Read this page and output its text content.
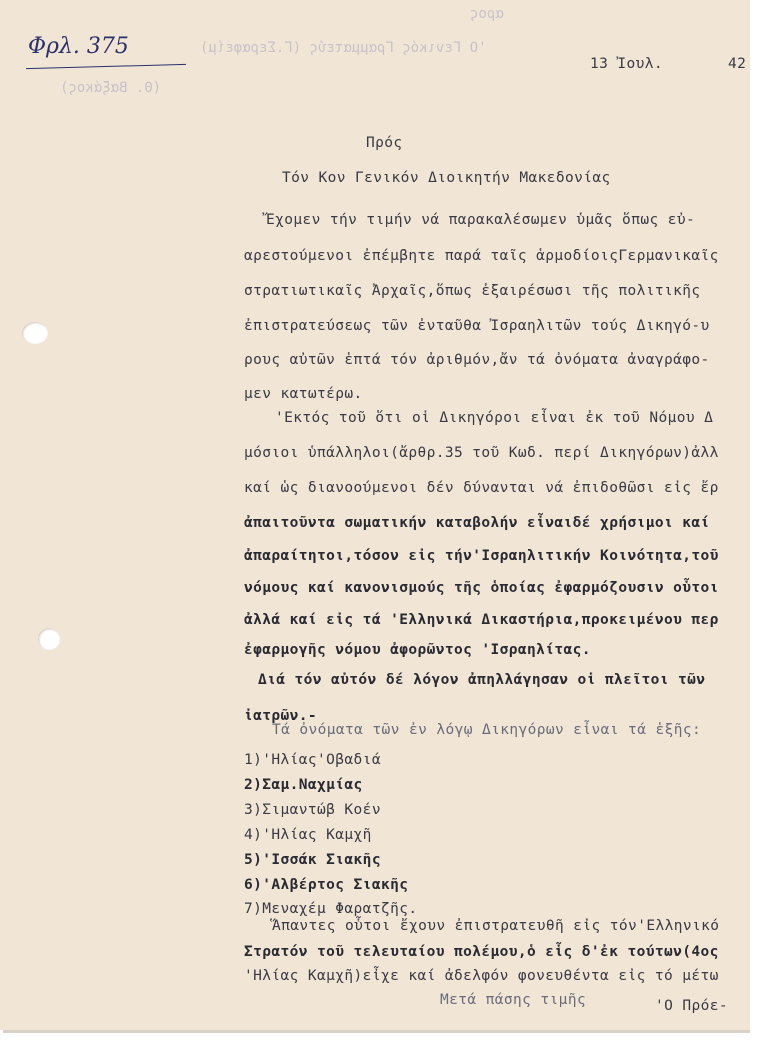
αρος
'Ο Γενικός Γραμματεύς (Γ.Σεραφείμ)
(Θ. Βαξάκος)
Φρλ. 375
13 Ἰουλ.	42
Πρός
Τόν Κον Γενικόν Διοικητήν Μακεδονίας
Ἔχομεν τήν τιμήν νά παρακαλέσωμεν ὑμᾶς ὅπως εὐ-
αρεστούμενοι ἐπέμβητε παρά ταῖς ἁρμοδίοιςΓερμανικαῖς
στρατιωτικαῖς Ἀρχαῖς,ὅπως ἐξαιρέσωσι τῆς πολιτικῆς
ἐπιστρατεύσεως τῶν ἐνταῦθα Ἰσραηλιτῶν τούς Δικηγό-υ
ρους αὐτῶν ἑπτά τόν ἀριθμόν,ἄν τά ὀνόματα ἀναγράφο-
μεν κατωτέρω.
'Εκτός τοῦ ὅτι οἱ Δικηγόροι εἶναι ἐκ τοῦ Νόμου Δ
μόσιοι ὑπάλληλοι(ἄρθρ.35 τοῦ Κωδ. περί Δικηγόρων)ἀλλ
καί ὡς διανοούμενοι δέν δύνανται νά ἐπιδοθῶσι εἰς ἔρ
ἀπαιτοῦντα σωματικήν καταβολήν εἶναιδέ χρήσιμοι καί
ἀπαραίτητοι,τόσον εἰς τήν'Ισραηλιτικήν Κοινότητα,τοῦ
νόμους καί κανονισμούς τῆς ὁποίας ἐφαρμόζουσιν οὗτοι
ἀλλά καί εἰς τά 'Ελληνικά Δικαστήρια,προκειμένου περ
ἐφαρμογῆς νόμου ἀφορῶντος 'Ισραηλίτας.
Διά τόν αὐτόν δέ λόγον ἀπηλλάγησαν οἱ πλεῖτοι τῶν
ἰατρῶν.-
Τά ὀνόματα τῶν ἐν λόγῳ Δικηγόρων εἶναι τά ἑξῆς:
1)'Ηλίας'Οβαδιά
2)Σαμ.Ναχμίας
3)Σιμαντώβ Κοέν
4)'Ηλίας Καμχῆ
5)'Ισσάκ Σιακῆς
6)'Αλβέρτος Σιακῆς
7)Μεναχέμ Φαρατζῆς.
Ἅπαντες οὗτοι ἔχουν ἐπιστρατευθῆ εἰς τόν'Ελληνικό
Στρατόν τοῦ τελευταίου πολέμου,ὁ εἷς δ'ἐκ τούτων(4ος
'Ηλίας Καμχῆ)εἶχε καί ἀδελφόν φονευθέντα εἰς τό μέτω
Μετά πάσης τιμῆς	'Ο Πρόε-
